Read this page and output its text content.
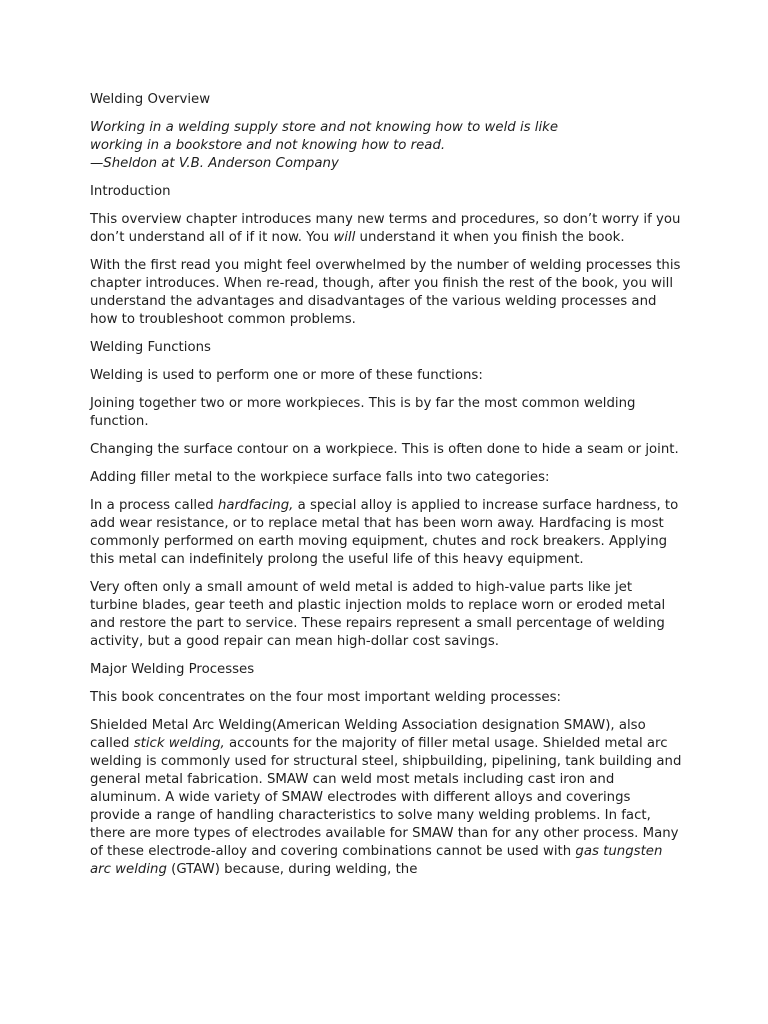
Welding Overview

Working in a welding supply store and not knowing how to weld is like

working in a bookstore and not knowing how to read.

—Sheldon at V.B. Anderson Company

Introduction

This overview chapter introduces many new terms and procedures, so don’t worry if you don’t understand all of if it now. You will understand it when you finish the book.

With the first read you might feel overwhelmed by the number of welding processes this chapter introduces. When re-read, though, after you finish the rest of the book, you will understand the advantages and disadvantages of the various welding processes and how to troubleshoot common problems.

Welding Functions

Welding is used to perform one or more of these functions:

Joining together two or more workpieces. This is by far the most common welding function.

Changing the surface contour on a workpiece. This is often done to hide a seam or joint.

Adding filler metal to the workpiece surface falls into two categories:

In a process called hardfacing, a special alloy is applied to increase surface hardness, to add wear resistance, or to replace metal that has been worn away. Hardfacing is most commonly performed on earth moving equipment, chutes and rock breakers. Applying this metal can indefinitely prolong the useful life of this heavy equipment.

Very often only a small amount of weld metal is added to high-value parts like jet turbine blades, gear teeth and plastic injection molds to replace worn or eroded metal and restore the part to service. These repairs represent a small percentage of welding activity, but a good repair can mean high-dollar cost savings.

Major Welding Processes

This book concentrates on the four most important welding processes:

Shielded Metal Arc Welding(American Welding Association designation SMAW), also called stick welding, accounts for the majority of filler metal usage. Shielded metal arc welding is commonly used for structural steel, shipbuilding, pipelining, tank building and general metal fabrication. SMAW can weld most metals including cast iron and aluminum. A wide variety of SMAW electrodes with different alloys and coverings provide a range of handling characteristics to solve many welding problems. In fact, there are more types of electrodes available for SMAW than for any other process. Many of these electrode-alloy and covering combinations cannot be used with gas tungsten arc welding (GTAW) because, during welding, the
